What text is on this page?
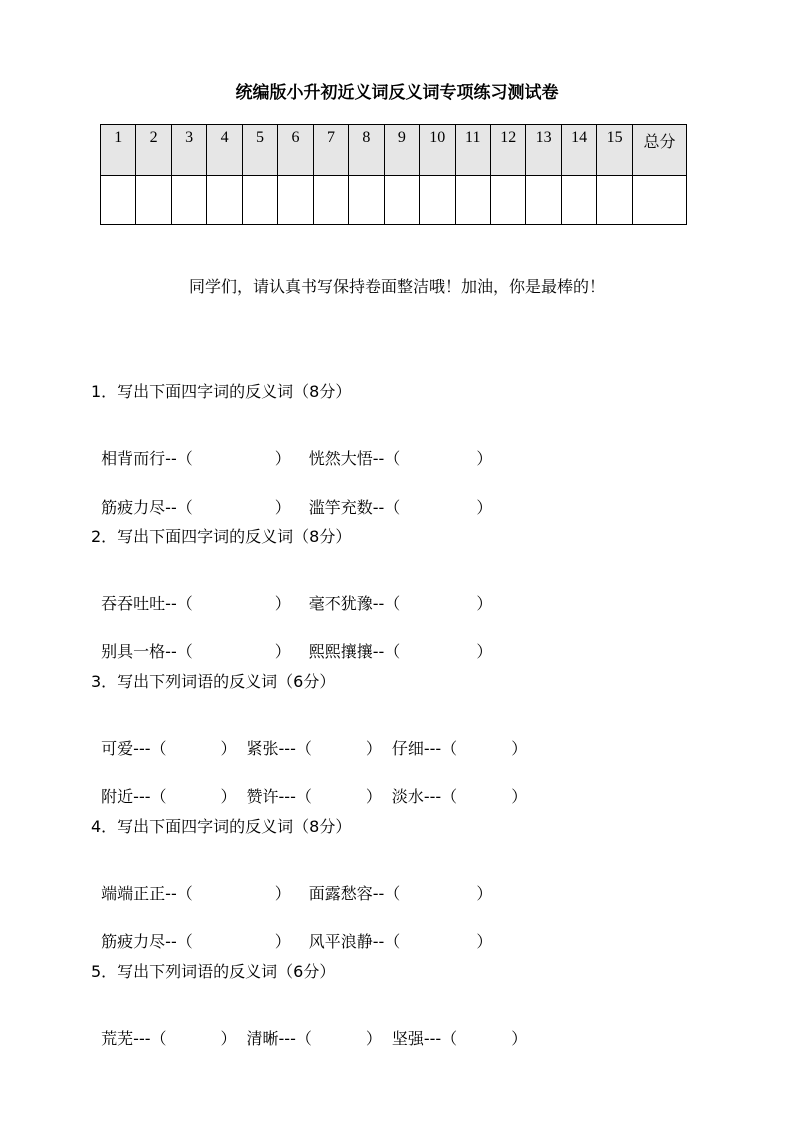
统编版小升初近义词反义词专项练习测试卷
1	2	3	4	5	6	7	8	9	10	11	12	13	14	15	总分

同学们，请认真书写保持卷面整洁哦！加油，你是最棒的！
1．写出下面四字词的反义词（8分）

相背而行--（	） 恍然大悟--（	）

筋疲力尽--（	） 滥竽充数--（	）

2．写出下面四字词的反义词（8分）

吞吞吐吐--（	） 毫不犹豫--（	）

别具一格--（	） 熙熙攘攘--（	）

3．写出下列词语的反义词（6分）

可爱---（	） 紧张---（	） 仔细---（	）

附近---（	） 赞许---（	） 淡水---（	）

4．写出下面四字词的反义词（8分）

端端正正--（	） 面露愁容--（	）

筋疲力尽--（	） 风平浪静--（	）

5．写出下列词语的反义词（6分）

荒芜---（	） 清晰---（	） 坚强---（	）
